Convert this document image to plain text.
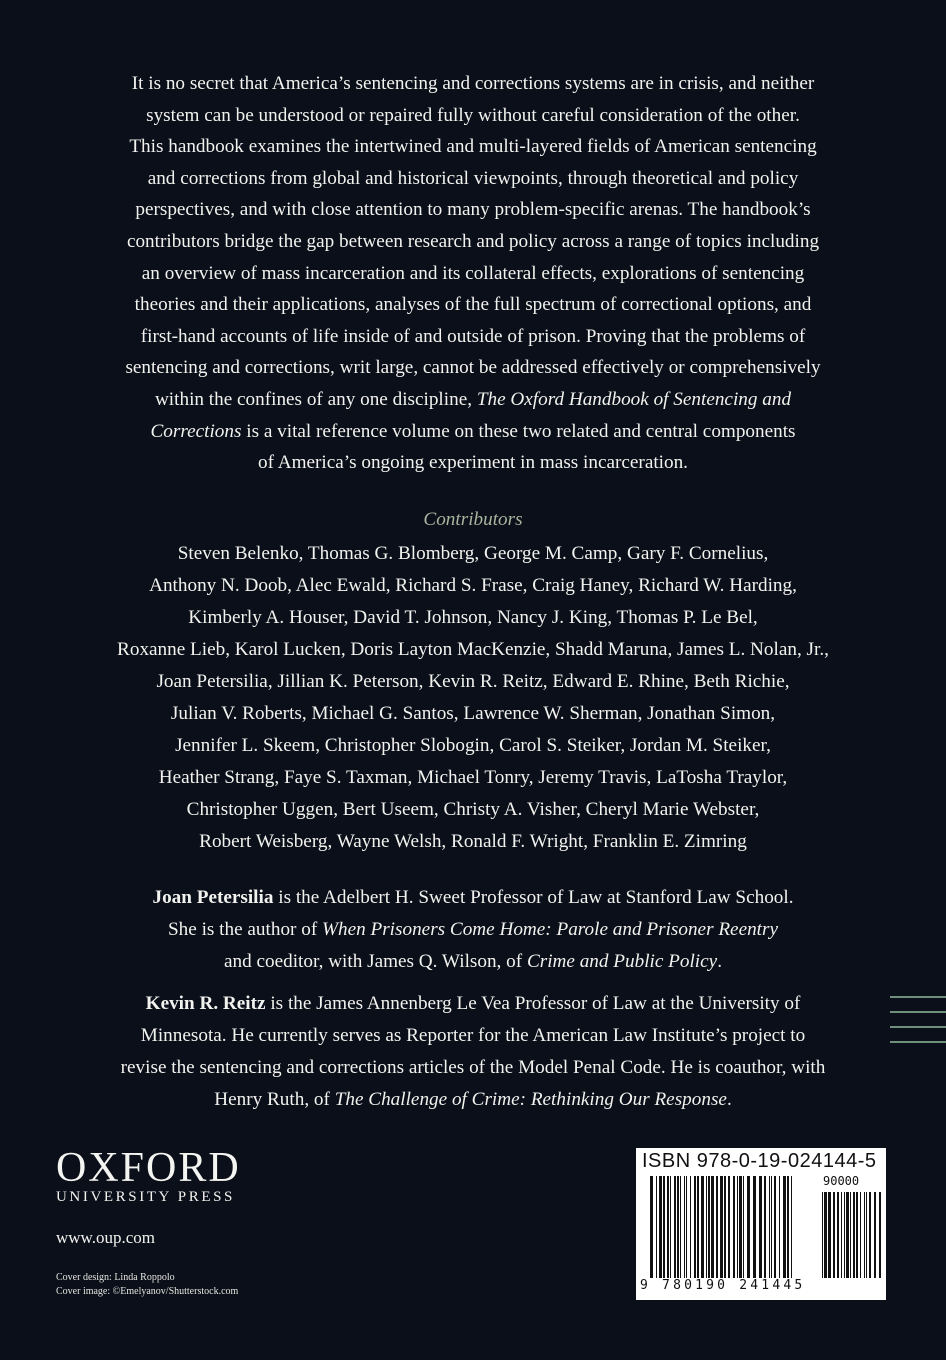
It is no secret that America’s sentencing and corrections systems are in crisis, and neither
system can be understood or repaired fully without careful consideration of the other.
This handbook examines the intertwined and multi-layered fields of American sentencing
and corrections from global and historical viewpoints, through theoretical and policy
perspectives, and with close attention to many problem-specific arenas. The handbook’s
contributors bridge the gap between research and policy across a range of topics including
an overview of mass incarceration and its collateral effects, explorations of sentencing
theories and their applications, analyses of the full spectrum of correctional options, and
first-hand accounts of life inside of and outside of prison. Proving that the problems of
sentencing and corrections, writ large, cannot be addressed effectively or comprehensively
within the confines of any one discipline, The Oxford Handbook of Sentencing and
Corrections is a vital reference volume on these two related and central components
of America’s ongoing experiment in mass incarceration.
Contributors
Steven Belenko, Thomas G. Blomberg, George M. Camp, Gary F. Cornelius,
Anthony N. Doob, Alec Ewald, Richard S. Frase, Craig Haney, Richard W. Harding,
Kimberly A. Houser, David T. Johnson, Nancy J. King, Thomas P. Le Bel,
Roxanne Lieb, Karol Lucken, Doris Layton MacKenzie, Shadd Maruna, James L. Nolan, Jr.,
Joan Petersilia, Jillian K. Peterson, Kevin R. Reitz, Edward E. Rhine, Beth Richie,
Julian V. Roberts, Michael G. Santos, Lawrence W. Sherman, Jonathan Simon,
Jennifer L. Skeem, Christopher Slobogin, Carol S. Steiker, Jordan M. Steiker,
Heather Strang, Faye S. Taxman, Michael Tonry, Jeremy Travis, LaTosha Traylor,
Christopher Uggen, Bert Useem, Christy A. Visher, Cheryl Marie Webster,
Robert Weisberg, Wayne Welsh, Ronald F. Wright, Franklin E. Zimring
Joan Petersilia is the Adelbert H. Sweet Professor of Law at Stanford Law School.
She is the author of When Prisoners Come Home: Parole and Prisoner Reentry
and coeditor, with James Q. Wilson, of Crime and Public Policy.
Kevin R. Reitz is the James Annenberg Le Vea Professor of Law at the University of
Minnesota. He currently serves as Reporter for the American Law Institute’s project to
revise the sentencing and corrections articles of the Model Penal Code. He is coauthor, with
Henry Ruth, of The Challenge of Crime: Rethinking Our Response.
OXFORD
UNIVERSITY PRESS
www.oup.com
Cover design: Linda Roppolo
Cover image: ©Emelyanov/Shutterstock.com
ISBN 978-0-19-024144-5
90000
9 780190 241445
